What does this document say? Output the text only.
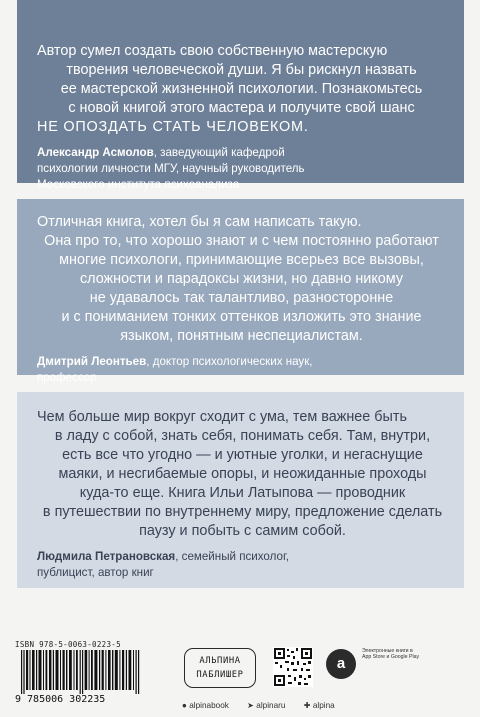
Автор сумел создать свою собственную мастерскую
творения человеческой души. Я бы рискнул назвать
ее мастерской жизненной психологии. Познакомьтесь
с новой книгой этого мастера и получите свой шанс
НЕ ОПОЗДАТЬ СТАТЬ ЧЕЛОВЕКОМ.

Александр Асмолов, заведующий кафедрой
психологии личности МГУ, научный руководитель
Московского института психоанализа

Отличная книга, хотел бы я сам написать такую.
Она про то, что хорошо знают и с чем постоянно работают
многие психологи, принимающие всерьез все вызовы,
сложности и парадоксы жизни, но давно никому
не удавалось так талантливо, разносторонне
и с пониманием тонких оттенков изложить это знание
языком, понятным неспециалистам.

Дмитрий Леонтьев, доктор психологических наук,
профессор

Чем больше мир вокруг сходит с ума, тем важнее быть
в ладу с собой, знать себя, понимать себя. Там, внутри,
есть все что угодно — и уютные уголки, и негаснущие
маяки, и несгибаемые опоры, и неожиданные проходы
куда-то еще. Книга Ильи Латыпова — проводник
в путешествии по внутреннему миру, предложение сделать
паузу и побыть с самим собой.

Людмила Петрановская, семейный психолог,
публицист, автор книг
ISBN 978-5-0063-0223-5
9 785006 302235
АЛЬПИНА
ПАБЛИШЕР
a
Электронные книги в App Store и Google Play
● alpinabook ➤ alpinaru ✚ alpina
